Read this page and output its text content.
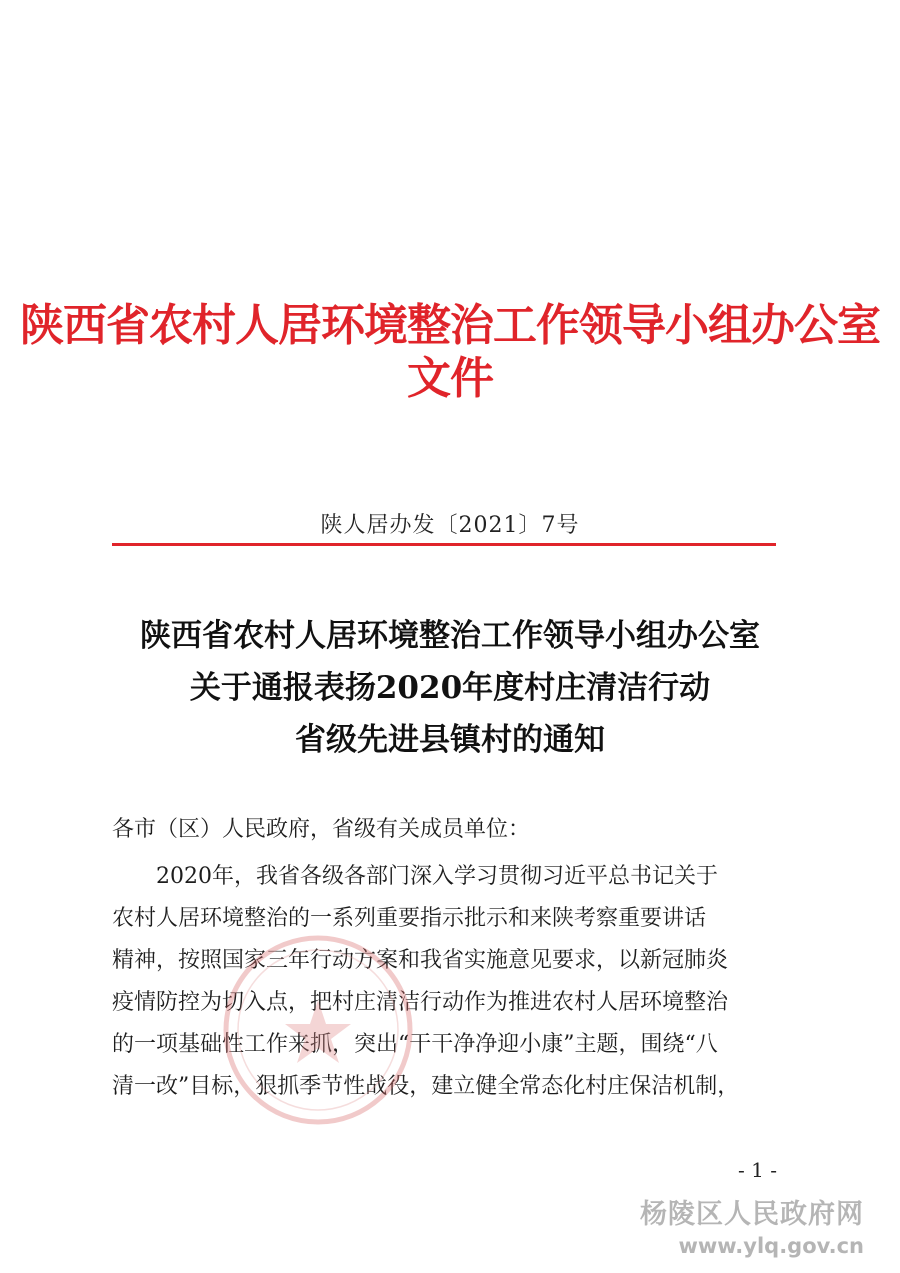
陕西省农村人居环境整治工作领导小组办公室文件
陕人居办发〔2021〕7号
陕西省农村人居环境整治工作领导小组办公室
关于通报表扬2020年度村庄清洁行动
省级先进县镇村的通知
各市（区）人民政府，省级有关成员单位：
2020年，我省各级各部门深入学习贯彻习近平总书记关于
农村人居环境整治的一系列重要指示批示和来陕考察重要讲话
精神，按照国家三年行动方案和我省实施意见要求，以新冠肺炎
疫情防控为切入点，把村庄清洁行动作为推进农村人居环境整治
的一项基础性工作来抓，突出“干干净净迎小康”主题，围绕“八
清一改”目标，狠抓季节性战役，建立健全常态化村庄保洁机制，
- 1 -
杨陵区人民政府网
www.ylq.gov.cn
